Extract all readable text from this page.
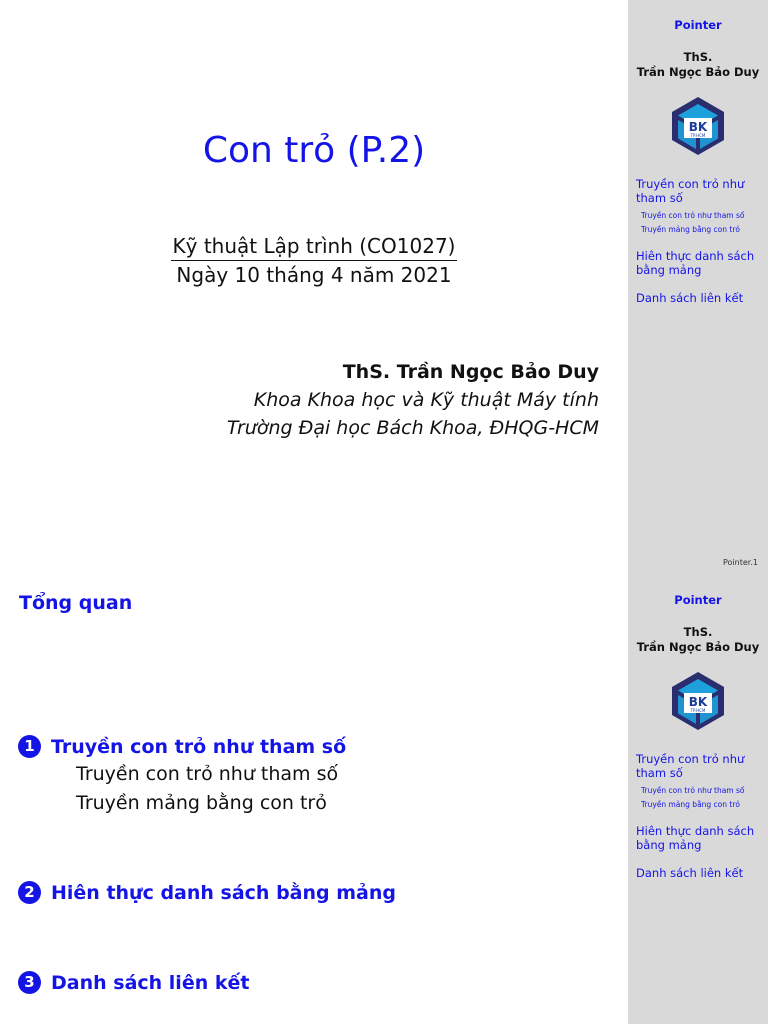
Con trỏ (P.2)
Kỹ thuật Lập trình (CO1027)
Ngày 10 tháng 4 năm 2021
ThS. Trần Ngọc Bảo Duy
Khoa Khoa học và Kỹ thuật Máy tính
Trường Đại học Bách Khoa, ĐHQG-HCM
Pointer
ThS.
Trần Ngọc Bảo Duy
BK
TP.HCM
Truyền con trỏ như tham số
Truyền con trỏ như tham số
Truyền mảng bằng con trỏ
Hiên thực danh sách bằng mảng
Danh sách liên kết
Pointer.1
Tổng quan
1 Truyền con trỏ như tham số
Truyền con trỏ như tham số
Truyền mảng bằng con trỏ
2 Hiên thực danh sách bằng mảng
3 Danh sách liên kết
Pointer
ThS.
Trần Ngọc Bảo Duy
BK
TP.HCM
Truyền con trỏ như tham số
Truyền con trỏ như tham số
Truyền mảng bằng con trỏ
Hiên thực danh sách bằng mảng
Danh sách liên kết
